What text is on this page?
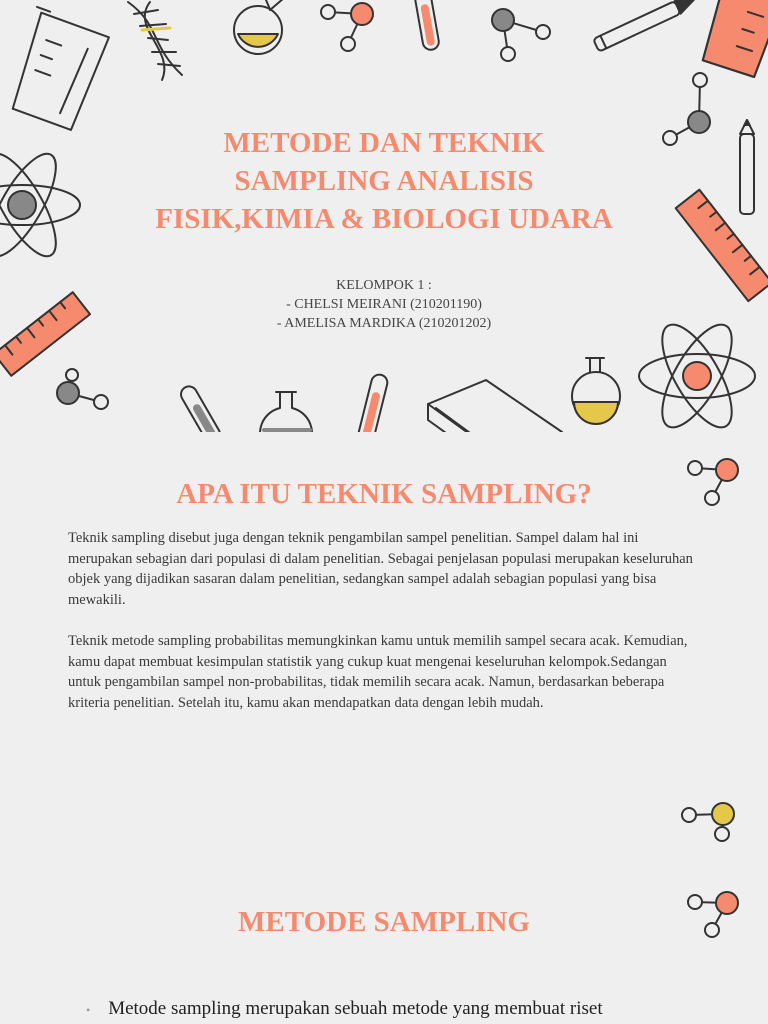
METODE DAN TEKNIK
SAMPLING ANALISIS
FISIK,KIMIA & BIOLOGI UDARA
KELOMPOK 1 :
- CHELSI MEIRANI (210201190)
- AMELISA MARDIKA (210201202)
APA ITU TEKNIK SAMPLING?

Teknik sampling disebut juga dengan teknik pengambilan sampel penelitian. Sampel dalam hal ini merupakan sebagian dari populasi di dalam penelitian. Sebagai penjelasan populasi merupakan keseluruhan objek yang dijadikan sasaran dalam penelitian, sedangkan sampel adalah sebagian populasi yang bisa mewakili.

Teknik metode sampling probabilitas memungkinkan kamu untuk memilih sampel secara acak. Kemudian, kamu dapat membuat kesimpulan statistik yang cukup kuat mengenai keseluruhan kelompok.Sedangan untuk pengambilan sampel non-probabilitas, tidak memilih secara acak. Namun, berdasarkan beberapa kriteria penelitian. Setelah itu, kamu akan mendapatkan data dengan lebih mudah.

METODE SAMPLING
• Metode sampling merupakan sebuah metode yang membuat riset
